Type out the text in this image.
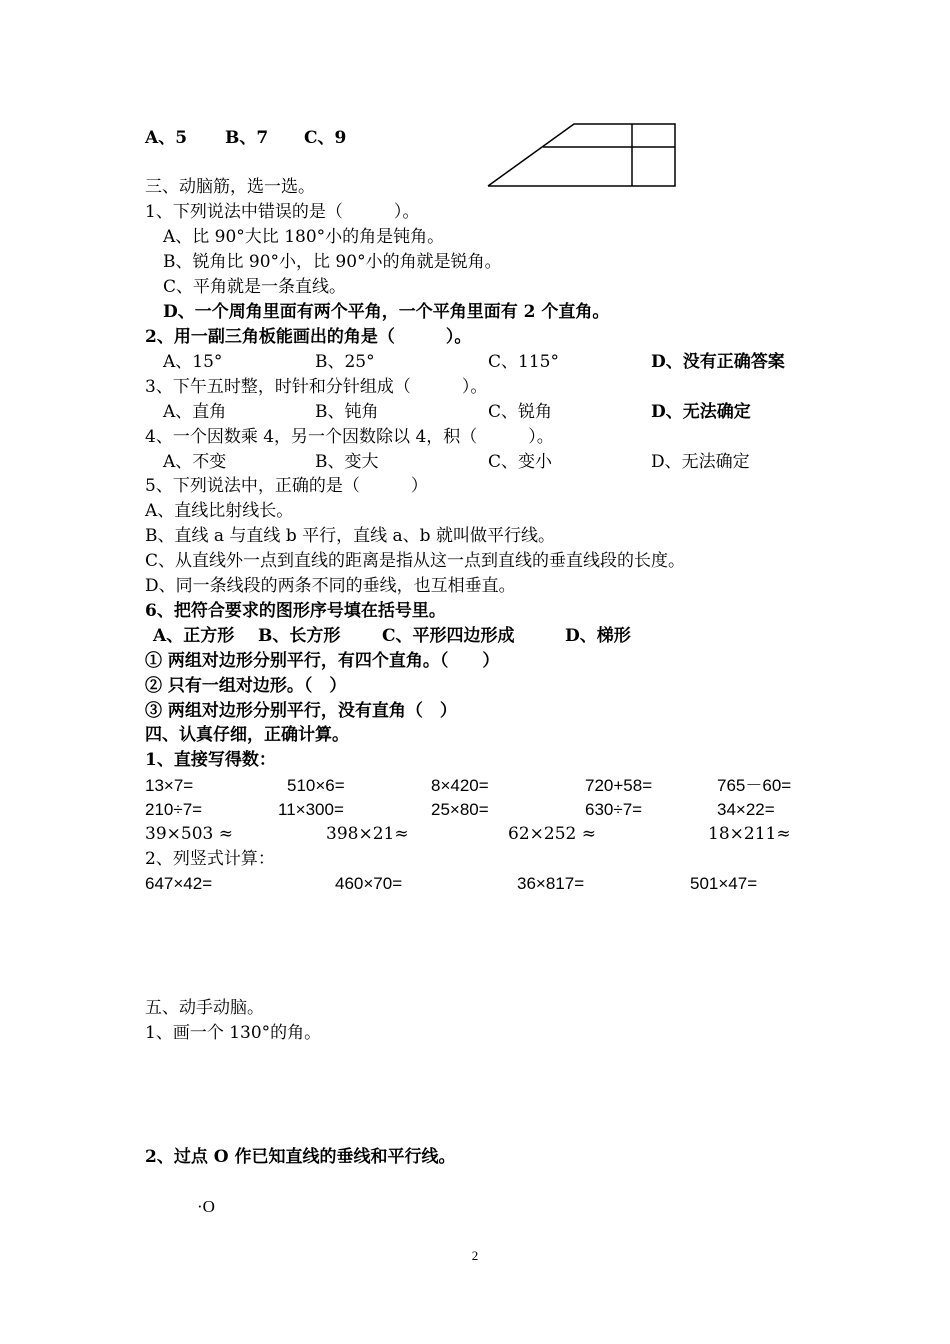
A、5 B、7 C、9
三、动脑筋，选一选。
1、下列说法中错误的是（　　　）。
A、比 90°大比 180°小的角是钝角。
B、锐角比 90°小，比 90°小的角就是锐角。
C、平角就是一条直线。
D、一个周角里面有两个平角，一个平角里面有 2 个直角。
2、用一副三角板能画出的角是（　　　）。
A、15°	B、25°	C、115°	D、没有正确答案
3、下午五时整，时针和分针组成（　　　）。
A、直角	B、钝角	C、锐角	D、无法确定
4、一个因数乘 4，另一个因数除以 4，积（　　　）。
A、不变	B、变大	C、变小	D、无法确定
5、下列说法中，正确的是（　　　）
A、直线比射线长。
B、直线 a 与直线 b 平行，直线 a、b 就叫做平行线。
C、从直线外一点到直线的距离是指从这一点到直线的垂直线段的长度。
D、同一条线段的两条不同的垂线，也互相垂直。
6、把符合要求的图形序号填在括号里。
A、正方形 B、长方形 C、平形四边形成	D、梯形
① 两组对边形分别平行，有四个直角。（　　）
② 只有一组对边形。（　）
③ 两组对边形分别平行，没有直角（　）
四、认真仔细，正确计算。
1、直接写得数：
13×7=	510×6=	8×420=	720+58=	765－60=
210÷7=	11×300=	25×80=	630÷7=	34×22=
39×503 ≈	398×21≈	62×252 ≈	18×211≈
2、列竖式计算：
647×42=	460×70=	36×817=	501×47=
五、动手动脑。
1、画一个 130°的角。
2、过点 O 作已知直线的垂线和平行线。
·O
2
